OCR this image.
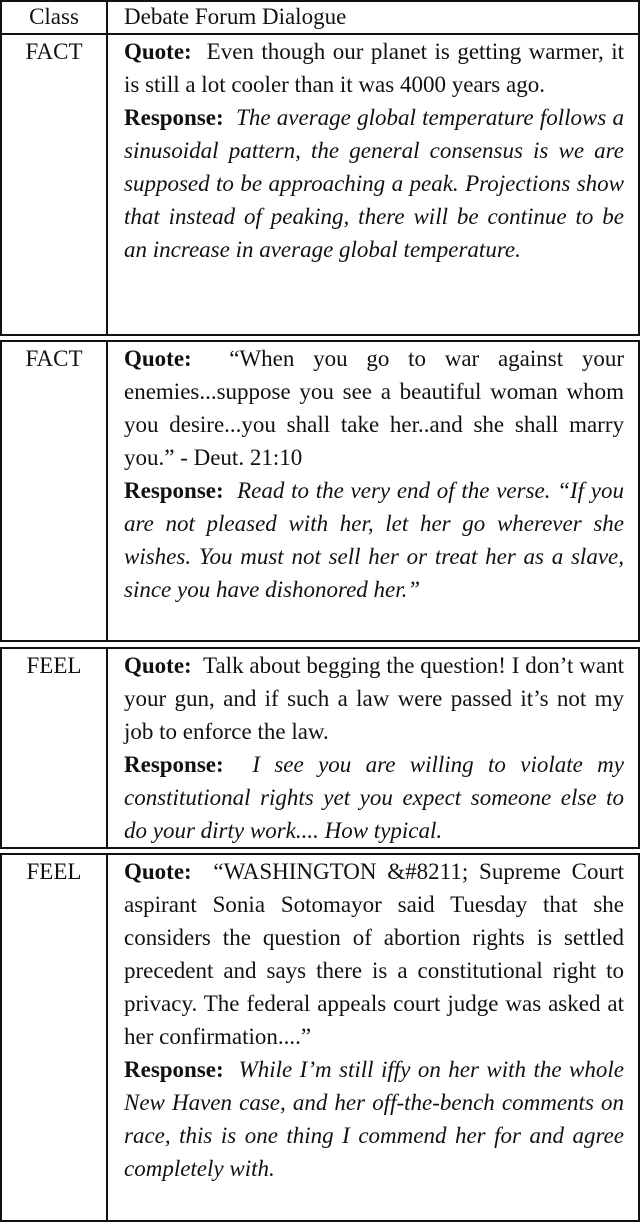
Class	Debate Forum Dialogue
FACT	Quote: Even though our planet is getting warmer, it is still a lot cooler than it was 4000 years ago.

Response: The average global temperature follows a sinusoidal pattern, the general consensus is we are supposed to be approaching a peak. Projections show that instead of peaking, there will be continue to be an increase in average global temperature.

FACT	Quote: “When you go to war against your enemies...suppose you see a beautiful woman whom you desire...you shall take her..and she shall marry you.” - Deut. 21:10

Response: Read to the very end of the verse. “If you are not pleased with her, let her go wherever she wishes. You must not sell her or treat her as a slave, since you have dishonored her.”

FEEL	Quote: Talk about begging the question! I don’t want your gun, and if such a law were passed it’s not my job to enforce the law.

Response: I see you are willing to violate my constitutional rights yet you expect someone else to do your dirty work.... How typical.

FEEL	Quote: “WASHINGTON &#8211; Supreme Court aspirant Sonia Sotomayor said Tuesday that she considers the question of abortion rights is settled precedent and says there is a constitutional right to privacy. The federal appeals court judge was asked at her confirmation....”

Response: While I’m still iffy on her with the whole New Haven case, and her off-the-bench comments on race, this is one thing I commend her for and agree completely with.
